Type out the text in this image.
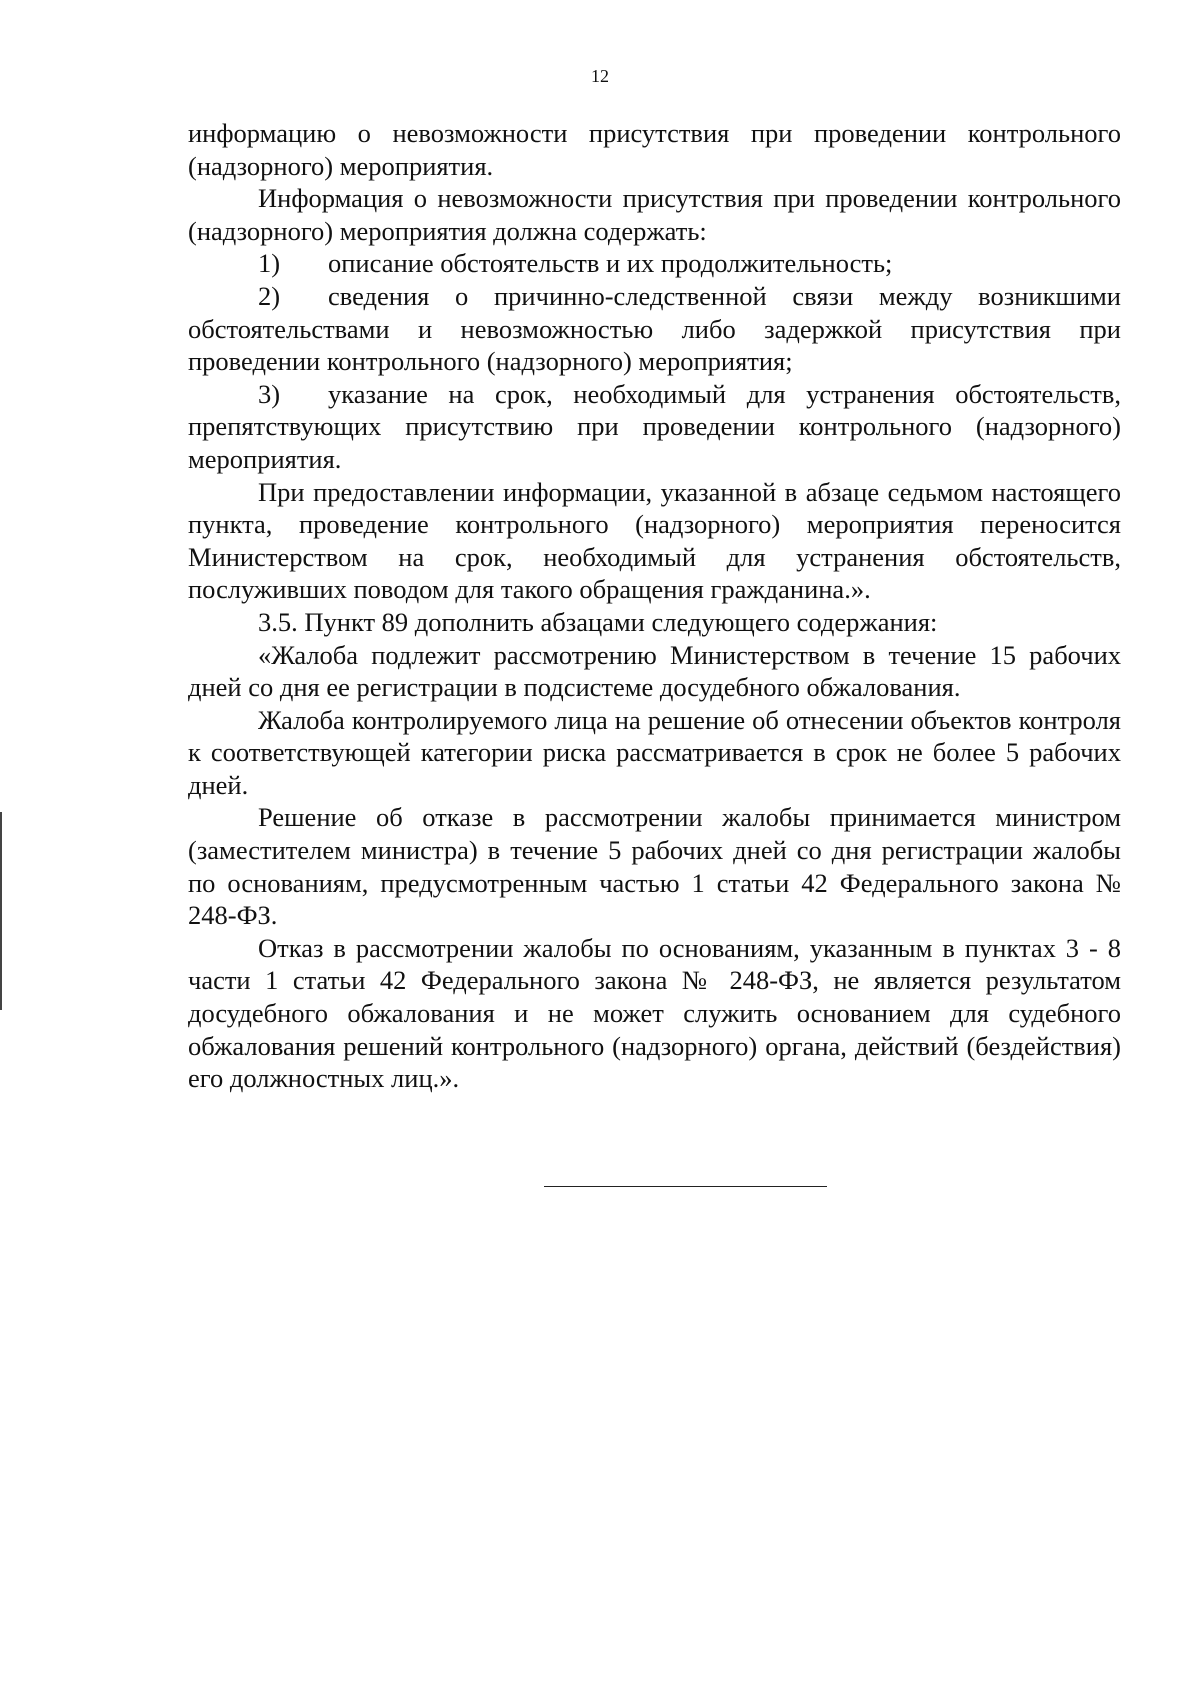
12

информацию о невозможности присутствия при проведении контрольного (надзорного) мероприятия.

Информация о невозможности присутствия при проведении контрольного (надзорного) мероприятия должна содержать:

1) описание обстоятельств и их продолжительность;

2) сведения о причинно-следственной связи между возникшими обстоятельствами и невозможностью либо задержкой присутствия при проведении контрольного (надзорного) мероприятия;

3) указание на срок, необходимый для устранения обстоятельств, препятствующих присутствию при проведении контрольного (надзорного) мероприятия.

При предоставлении информации, указанной в абзаце седьмом настоящего пункта, проведение контрольного (надзорного) мероприятия переносится Министерством на срок, необходимый для устранения обстоятельств, послуживших поводом для такого обращения гражданина.».

3.5. Пункт 89 дополнить абзацами следующего содержания:

«Жалоба подлежит рассмотрению Министерством в течение 15 рабочих дней со дня ее регистрации в подсистеме досудебного обжалования.

Жалоба контролируемого лица на решение об отнесении объектов контроля к соответствующей категории риска рассматривается в срок не более 5 рабочих дней.

Решение об отказе в рассмотрении жалобы принимается министром (заместителем министра) в течение 5 рабочих дней со дня регистрации жалобы по основаниям, предусмотренным частью 1 статьи 42 Федерального закона № 248-ФЗ.

Отказ в рассмотрении жалобы по основаниям, указанным в пунктах 3 - 8 части 1 статьи 42 Федерального закона № 248-ФЗ, не является результатом досудебного обжалования и не может служить основанием для судебного обжалования решений контрольного (надзорного) органа, действий (бездействия) его должностных лиц.».
